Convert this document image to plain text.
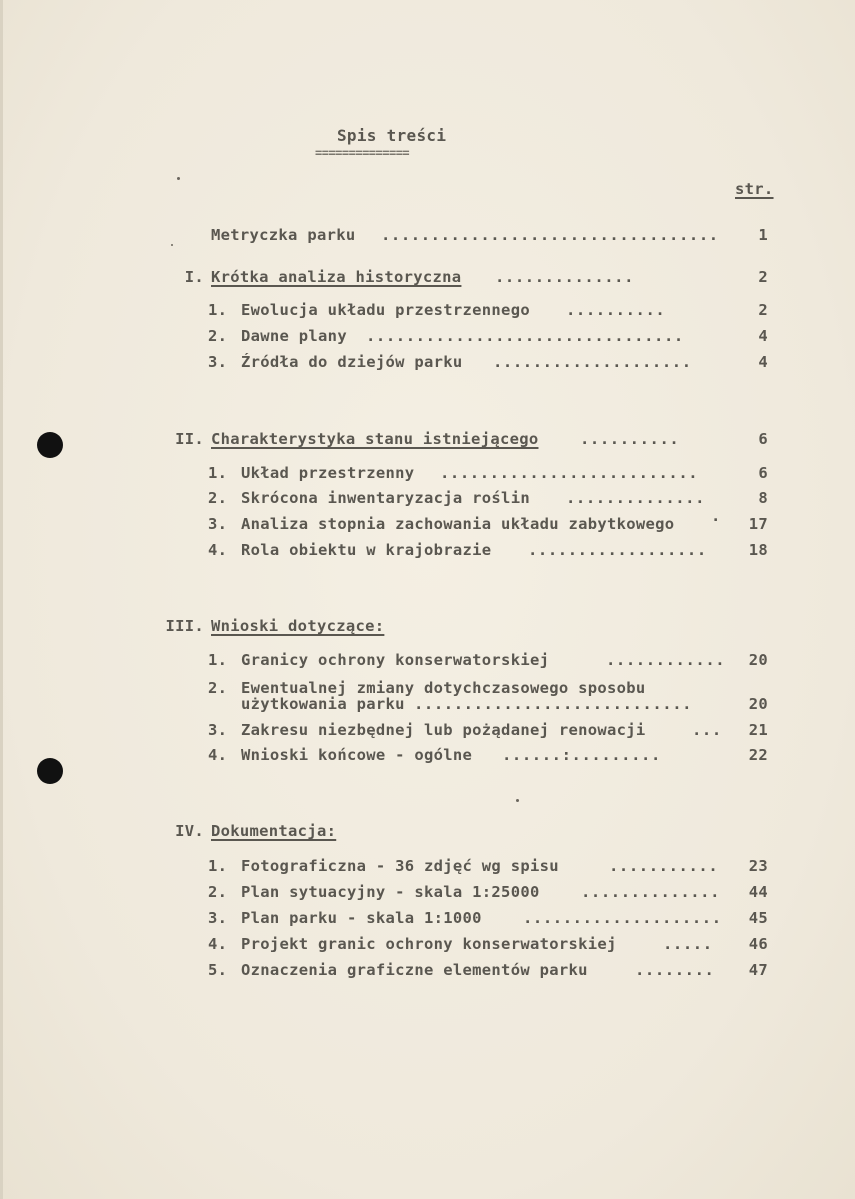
Spis treści
==============
str.
Metryczka parku ..................................	1
I. Krótka analiza historyczna ..............	2
1. Ewolucja układu przestrzennego ..........	2
2. Dawne plany ................................	4
3. Źródła do dziejów parku ....................	4
II. Charakterystyka stanu istniejącego	..........	6
1. Układ przestrzenny ..........................	6
2. Skrócona inwentaryzacja roślin ..............	8
3. Analiza stopnia zachowania układu zabytkowego ·	17
4. Rola obiektu w krajobrazie ..................	18
III. Wnioski dotyczące:
1. Granicy ochrony konserwatorskiej	............	20
2. Ewentualnej zmiany dotychczasowego sposobu
użytkowania parku ............................	20
3. Zakresu niezbędnej lub pożądanej renowacji	...	21
4. Wnioski końcowe - ogólne ......:.........	22
IV. Dokumentacja:
1. Fotograficzna - 36 zdjęć wg spisu	...........	23
2. Plan sytuacyjny - skala 1:25000	..............	44
3. Plan parku - skala 1:1000	....................	45
4. Projekt granic ochrony konserwatorskiej	.....	46
5. Oznaczenia graficzne elementów parku	........	47
